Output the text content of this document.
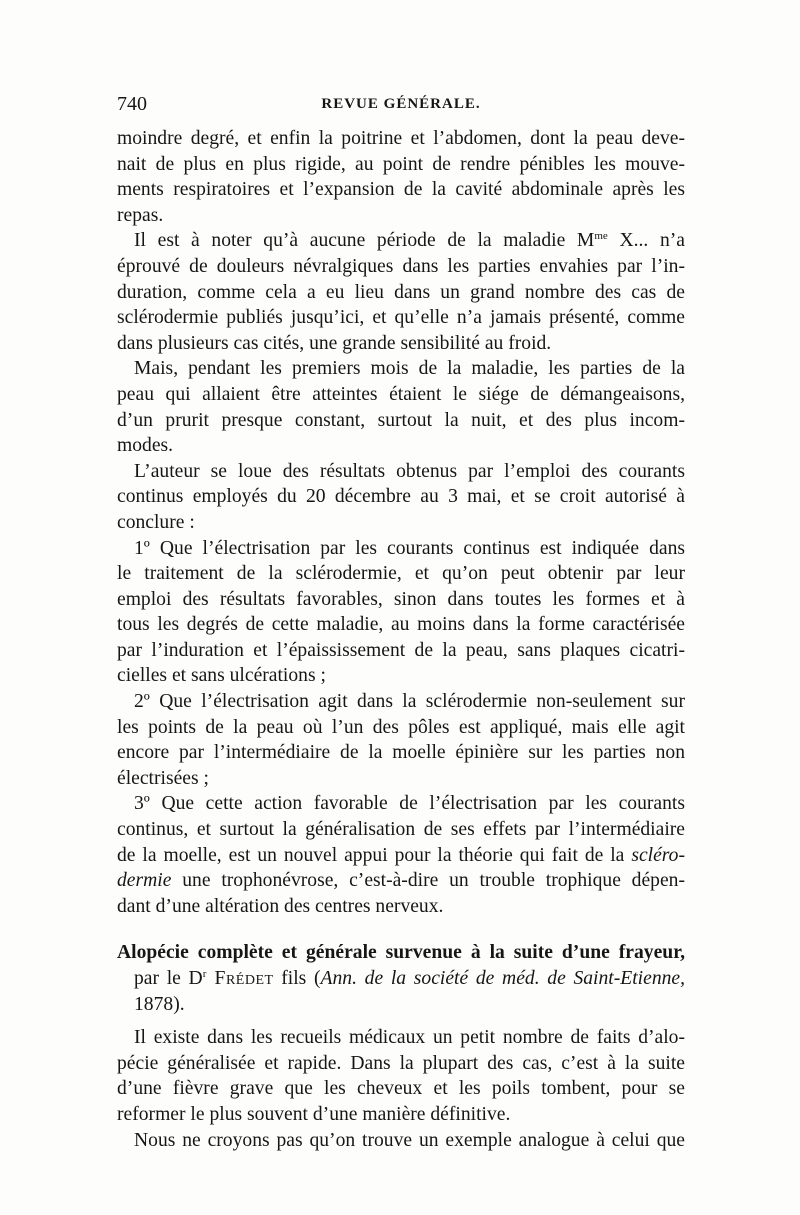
740	REVUE GÉNÉRALE.
moindre degré, et enfin la poitrine et l’abdomen, dont la peau deve-
nait de plus en plus rigide, au point de rendre pénibles les mouve-
ments respiratoires et l’expansion de la cavité abdominale après les
repas.
Il est à noter qu’à aucune période de la maladie $M^{me}$ X... n’a
éprouvé de douleurs névralgiques dans les parties envahies par l’in-
duration, comme cela a eu lieu dans un grand nombre des cas de
sclérodermie publiés jusqu’ici, et qu’elle n’a jamais présenté, comme
dans plusieurs cas cités, une grande sensibilité au froid.
Mais, pendant les premiers mois de la maladie, les parties de la
peau qui allaient être atteintes étaient le siége de démangeaisons,
d’un prurit presque constant, surtout la nuit, et des plus incom-
modes.
L’auteur se loue des résultats obtenus par l’emploi des courants
continus employés du 20 décembre au 3 mai, et se croit autorisé à
conclure :
1º Que l’électrisation par les courants continus est indiquée dans
le traitement de la sclérodermie, et qu’on peut obtenir par leur
emploi des résultats favorables, sinon dans toutes les formes et à
tous les degrés de cette maladie, au moins dans la forme caractérisée
par l’induration et l’épaississement de la peau, sans plaques cicatri-
cielles et sans ulcérations ;
2º Que l’électrisation agit dans la sclérodermie non-seulement sur
les points de la peau où l’un des pôles est appliqué, mais elle agit
encore par l’intermédiaire de la moelle épinière sur les parties non
électrisées ;
3º Que cette action favorable de l’électrisation par les courants
continus, et surtout la généralisation de ses effets par l’intermédiaire
de la moelle, est un nouvel appui pour la théorie qui fait de la scléro-
dermie une trophonévrose, c’est-à-dire un trouble trophique dépen-
dant d’une altération des centres nerveux.
Alopécie complète et générale survenue à la suite d’une frayeur,
par le $D^r$ Frédet fils (Ann. de la société de méd. de Saint-Etienne,
1878).
Il existe dans les recueils médicaux un petit nombre de faits d’alo-
pécie généralisée et rapide. Dans la plupart des cas, c’est à la suite
d’une fièvre grave que les cheveux et les poils tombent, pour se
reformer le plus souvent d’une manière définitive.
Nous ne croyons pas qu’on trouve un exemple analogue à celui que
